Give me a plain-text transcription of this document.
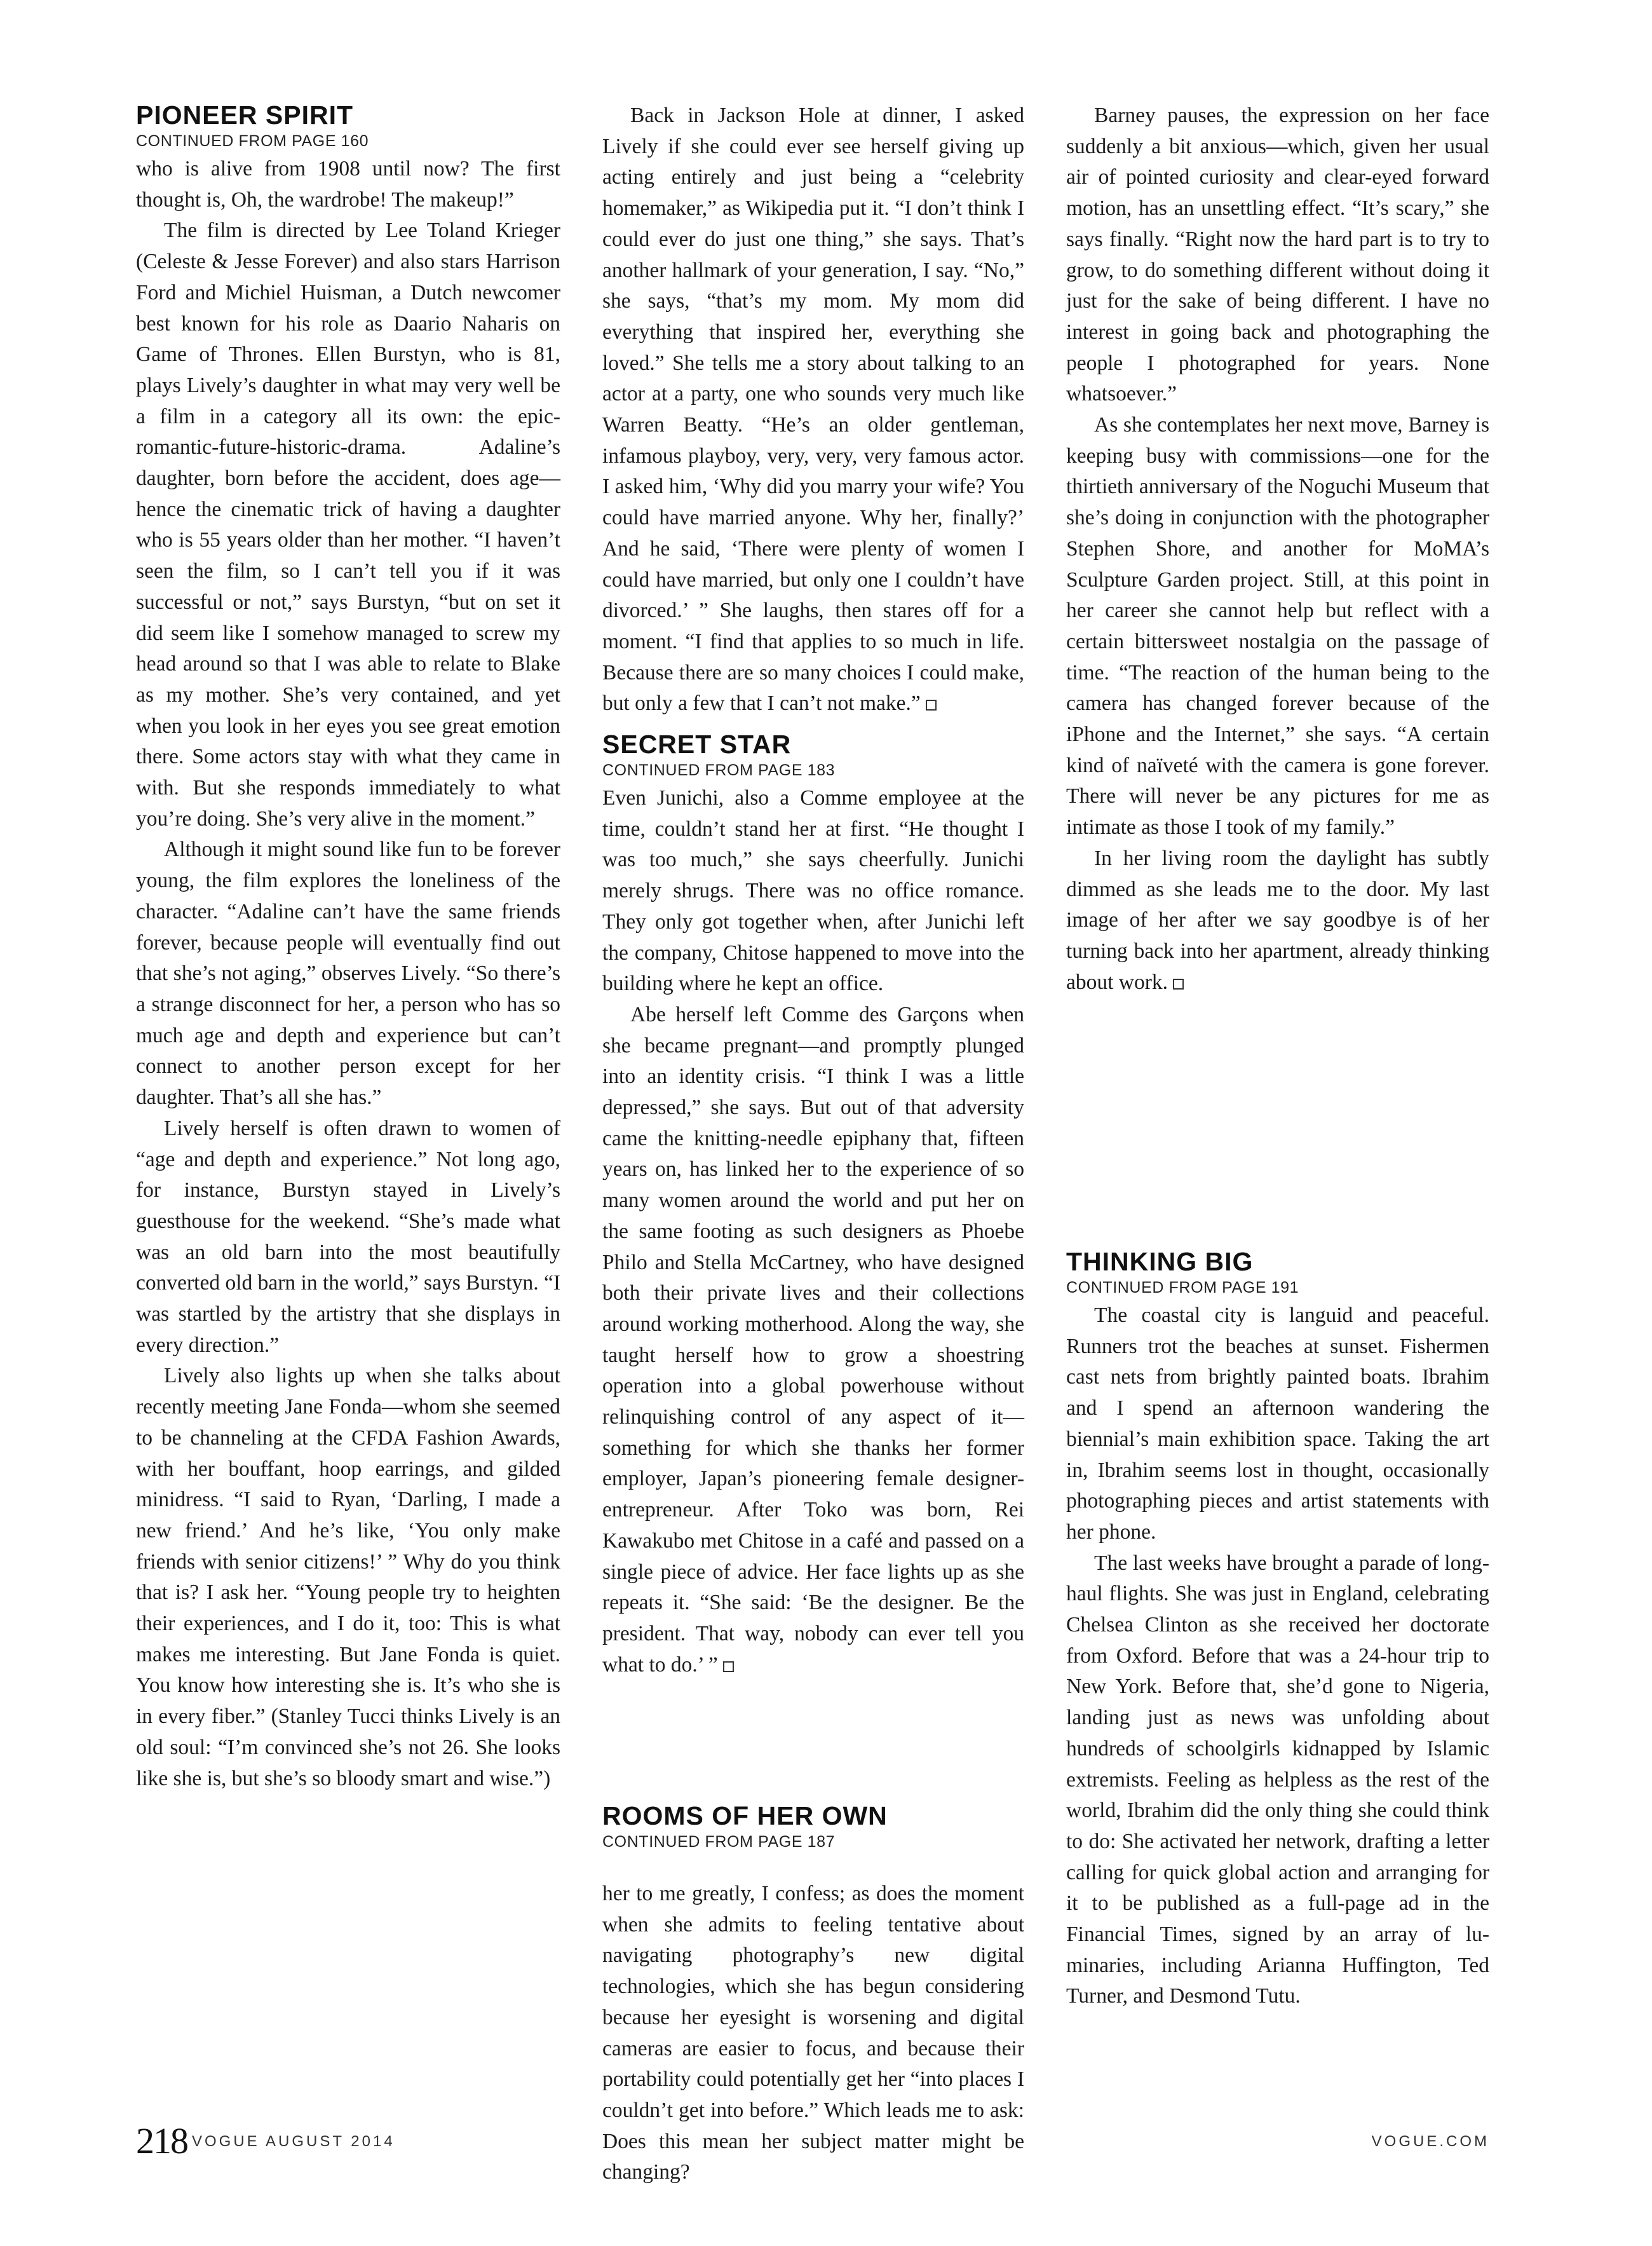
PIONEER SPIRIT
CONTINUED FROM PAGE 160

who is alive from 1908 until now? The first thought is, Oh, the wardrobe! The makeup!”

The film is directed by Lee Toland Krieger (Celeste & Jesse Forever) and also stars Harrison Ford and Michiel Huisman, a Dutch newcomer best known for his role as Daario Naharis on Game of Thrones. Ellen Burstyn, who is 81, plays Lively’s daughter in what may very well be a film in a category all its own: the epic-romantic-future-historic-drama. Adaline’s daughter, born before the accident, does age—hence the cinematic trick of having a daughter who is 55 years older than her mother. “I haven’t seen the film, so I can’t tell you if it was successful or not,” says Burstyn, “but on set it did seem like I somehow managed to screw my head around so that I was able to relate to Blake as my mother. She’s very contained, and yet when you look in her eyes you see great emotion there. Some actors stay with what they came in with. But she responds immediately to what you’re doing. She’s very alive in the moment.”

Although it might sound like fun to be forever young, the film explores the loneliness of the character. “Adaline can’t have the same friends forever, because people will eventually find out that she’s not aging,” observes Lively. “So there’s a strange disconnect for her, a person who has so much age and depth and experience but can’t connect to another person except for her daughter. That’s all she has.”

Lively herself is often drawn to women of “age and depth and experience.” Not long ago, for instance, Burstyn stayed in Lively’s guesthouse for the weekend. “She’s made what was an old barn into the most beautifully converted old barn in the world,” says Burstyn. “I was startled by the artistry that she displays in every direction.”

Lively also lights up when she talks about recently meeting Jane Fonda—whom she seemed to be channeling at the CFDA Fashion Awards, with her bouffant, hoop earrings, and gilded minidress. “I said to Ryan, ‘Darling, I made a new friend.’ And he’s like, ‘You only make friends with senior citizens!’ ” Why do you think that is? I ask her. “Young people try to heighten their experiences, and I do it, too: This is what makes me interesting. But Jane Fonda is quiet. You know how interesting she is. It’s who she is in every fiber.” (Stanley Tucci thinks Lively is an old soul: “I’m convinced she’s not 26. She looks like she is, but she’s so bloody smart and wise.”)

Back in Jackson Hole at dinner, I asked Lively if she could ever see herself giving up acting entirely and just being a “celebrity homemaker,” as Wikipedia put it. “I don’t think I could ever do just one thing,” she says. That’s another hallmark of your generation, I say. “No,” she says, “that’s my mom. My mom did everything that inspired her, everything she loved.” She tells me a story about talking to an actor at a party, one who sounds very much like Warren Beatty. “He’s an older gentleman, infamous playboy, very, very, very famous actor. I asked him, ‘Why did you marry your wife? You could have married anyone. Why her, finally?’ And he said, ‘There were plenty of women I could have married, but only one I couldn’t have divorced.’ ” She laughs, then stares off for a moment. “I find that applies to so much in life. Because there are so many choices I could make, but only a few that I can’t not make.”

SECRET STAR
CONTINUED FROM PAGE 183

Even Junichi, also a Comme employee at the time, couldn’t stand her at first. “He thought I was too much,” she says cheerfully. Junichi merely shrugs. There was no office romance. They only got together when, after Junichi left the company, Chitose happened to move into the building where he kept an office.

Abe herself left Comme des Garçons when she became pregnant—and promptly plunged into an identity crisis. “I think I was a little depressed,” she says. But out of that adversity came the knitting-needle epiphany that, fifteen years on, has linked her to the experience of so many women around the world and put her on the same footing as such designers as Phoebe Philo and Stella McCartney, who have designed both their private lives and their collections around working motherhood. Along the way, she taught herself how to grow a shoestring operation into a global powerhouse without relinquishing control of any aspect of it—something for which she thanks her former employer, Japan’s pioneering female designer-entrepreneur. After Toko was born, Rei Kawakubo met Chitose in a café and passed on a single piece of advice. Her face lights up as she repeats it. “She said: ‘Be the designer. Be the president. That way, nobody can ever tell you what to do.’ ”

ROOMS OF HER OWN
CONTINUED FROM PAGE 187

Barney pauses, the expression on her face suddenly a bit anxious—which, given her usual air of pointed curiosity and clear-eyed forward motion, has an unsettling effect. “It’s scary,” she says finally. “Right now the hard part is to try to grow, to do something different without doing it just for the sake of being different. I have no interest in going back and photographing the people I photographed for years. None whatsoever.”

As she contemplates her next move, Barney is keeping busy with commissions—one for the thirtieth anniversary of the Noguchi Museum that she’s doing in conjunction with the photographer Stephen Shore, and another for MoMA’s Sculpture Garden project. Still, at this point in her career she cannot help but reflect with a certain bittersweet nostalgia on the passage of time. “The reaction of the human being to the camera has changed forever because of the iPhone and the Internet,” she says. “A certain kind of naïveté with the camera is gone forever. There will never be any pictures for me as intimate as those I took of my family.”

In her living room the daylight has subtly dimmed as she leads me to the door. My last image of her after we say goodbye is of her turning back into her apartment, already thinking about work.

THINKING BIG
CONTINUED FROM PAGE 191

The coastal city is languid and peaceful. Runners trot the beaches at sunset. Fishermen cast nets from brightly painted boats. Ibrahim and I spend an afternoon wandering the biennial’s main exhibition space. Taking the art in, Ibrahim seems lost in thought, occasionally photographing pieces and artist statements with her phone.

The last weeks have brought a parade of long-haul flights. She was just in England, celebrating Chelsea Clinton as she received her doctorate from Oxford. Before that was a 24-hour trip to New York. Before that, she’d gone to Nigeria, landing just as news was unfolding about hundreds of schoolgirls kidnapped by Islamic extremists. Feeling as helpless as the rest of the world, Ibrahim did the only thing she could think to do: She activated her network, drafting a letter calling for quick global action and arranging for it to be published as a full-page ad in the Financial Times, signed by an array of luminaries, including Arianna Huffington, Ted Turner, and Desmond Tutu.

her to me greatly, I confess; as does the moment when she admits to feeling tentative about navigating photography’s new digital technologies, which she has begun considering because her eyesight is worsening and digital cameras are easier to focus, and because their portability could potentially get her “into places I couldn’t get into before.” Which leads me to ask: Does this mean her subject matter might be changing?

218 VOGUE AUGUST 2014	VOGUE.COM
